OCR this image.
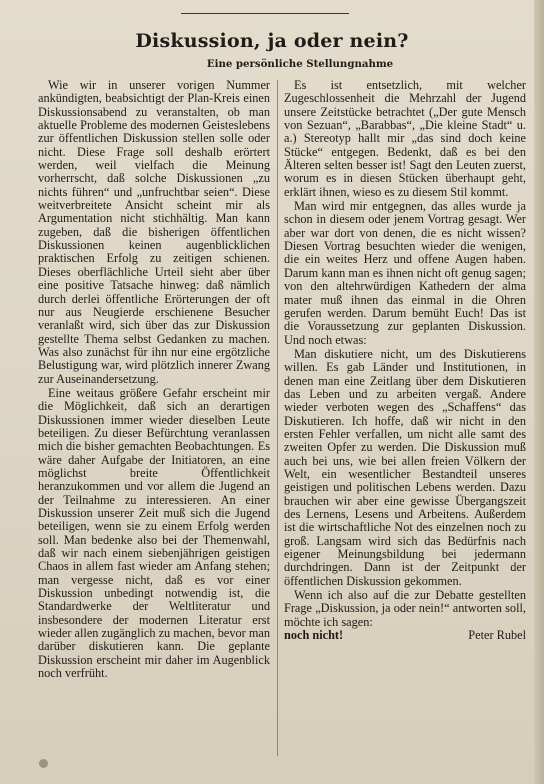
Diskussion, ja oder nein?
Eine persönliche Stellungnahme

Wie wir in unserer vorigen Nummer ankündigten, beabsichtigt der Plan-Kreis einen Diskussionsabend zu veranstalten, ob man aktuelle Probleme des modernen Geisteslebens zur öffentlichen Diskussion stellen solle oder nicht. Diese Frage soll deshalb erörtert werden, weil vielfach die Meinung vorherrscht, daß solche Diskussionen „zu nichts führen“ und „unfruchtbar seien“. Diese weitverbreitete Ansicht scheint mir als Argumentation nicht stichhältig. Man kann zugeben, daß die bisherigen öffentlichen Diskussionen keinen augenblicklichen praktischen Erfolg zu zeitigen schienen. Dieses oberflächliche Urteil sieht aber über eine positive Tatsache hinweg: daß nämlich durch derlei öffentliche Erörterungen der oft nur aus Neugierde erschienene Besucher veranlaßt wird, sich über das zur Diskussion gestellte Thema selbst Gedanken zu machen. Was also zunächst für ihn nur eine ergötzliche Belustigung war, wird plötzlich innerer Zwang zur Auseinandersetzung.

Eine weitaus größere Gefahr erscheint mir die Möglichkeit, daß sich an derartigen Diskussionen immer wieder dieselben Leute beteiligen. Zu dieser Befürchtung veranlassen mich die bisher gemachten Beobachtungen. Es wäre daher Aufgabe der Initiatoren, an eine möglichst breite Öffentlichkeit heranzukommen und vor allem die Jugend an der Teilnahme zu interessieren. An einer Diskussion unserer Zeit muß sich die Jugend beteiligen, wenn sie zu einem Erfolg werden soll. Man bedenke also bei der Themenwahl, daß wir nach einem siebenjährigen geistigen Chaos in allem fast wieder am Anfang stehen; man vergesse nicht, daß es vor einer Diskussion unbedingt notwendig ist, die Standardwerke der Weltliteratur und insbesondere der modernen Literatur erst wieder allen zugänglich zu machen, bevor man darüber diskutieren kann. Die geplante Diskussion erscheint mir daher im Augenblick noch verfrüht.

Es ist entsetzlich, mit welcher Zugeschlossenheit die Mehrzahl der Jugend unsere Zeitstücke betrachtet („Der gute Mensch von Sezuan“, „Barabbas“, „Die kleine Stadt“ u. a.) Stereotyp hallt mir „das sind doch keine Stücke“ entgegen. Bedenkt, daß es bei den Älteren selten besser ist! Sagt den Leuten zuerst, worum es in diesen Stücken überhaupt geht, erklärt ihnen, wieso es zu diesem Stil kommt.

Man wird mir entgegnen, das alles wurde ja schon in diesem oder jenem Vortrag gesagt. Wer aber war dort von denen, die es nicht wissen? Diesen Vortrag besuchten wieder die wenigen, die ein weites Herz und offene Augen haben. Darum kann man es ihnen nicht oft genug sagen; von den altehrwürdigen Kathedern der alma mater muß ihnen das einmal in die Ohren gerufen werden. Darum bemüht Euch! Das ist die Voraussetzung zur geplanten Diskussion. Und noch etwas:

Man diskutiere nicht, um des Diskutierens willen. Es gab Länder und Institutionen, in denen man eine Zeitlang über dem Diskutieren das Leben und zu arbeiten vergaß. Andere wieder verboten wegen des „Schaffens“ das Diskutieren. Ich hoffe, daß wir nicht in den ersten Fehler verfallen, um nicht alle samt des zweiten Opfer zu werden. Die Diskussion muß auch bei uns, wie bei allen freien Völkern der Welt, ein wesentlicher Bestandteil unseres geistigen und politischen Lebens werden. Dazu brauchen wir aber eine gewisse Übergangszeit des Lernens, Lesens und Arbeitens. Außerdem ist die wirtschaftliche Not des einzelnen noch zu groß. Langsam wird sich das Bedürfnis nach eigener Meinungsbildung bei jedermann durchdringen. Dann ist der Zeitpunkt der öffentlichen Diskussion gekommen.

Wenn ich also auf die zur Debatte gestellten Frage „Diskussion, ja oder nein!“ antworten soll, möchte ich sagen:

noch nicht!	Peter Rubel
